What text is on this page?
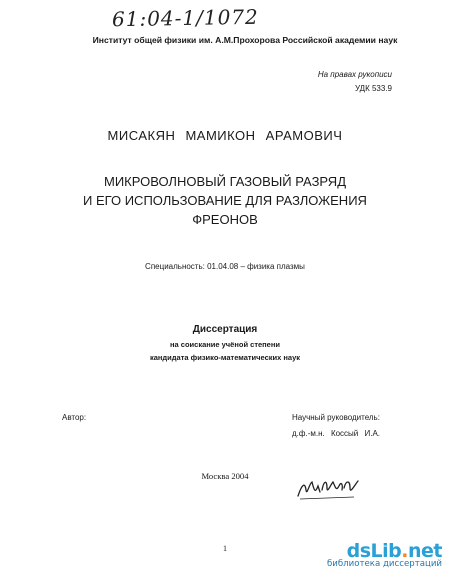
61:04-1/1072
Институт общей физики им. А.М.Прохорова Российской академии наук
На правах рукописи
УДК 533.9
МИСАКЯН МАМИКОН АРАМОВИЧ
МИКРОВОЛНОВЫЙ ГАЗОВЫЙ РАЗРЯД
И ЕГО ИСПОЛЬЗОВАНИЕ ДЛЯ РАЗЛОЖЕНИЯ
ФРЕОНОВ
Специальность: 01.04.08 – физика плазмы
Диссертация
на соискание учёной степени
кандидата физико-математических наук
Автор:	Научный руководитель:
д.ф.-м.н. Коссый И.А.
Москва 2004
1	dsLib.net
библиотека диссертаций
